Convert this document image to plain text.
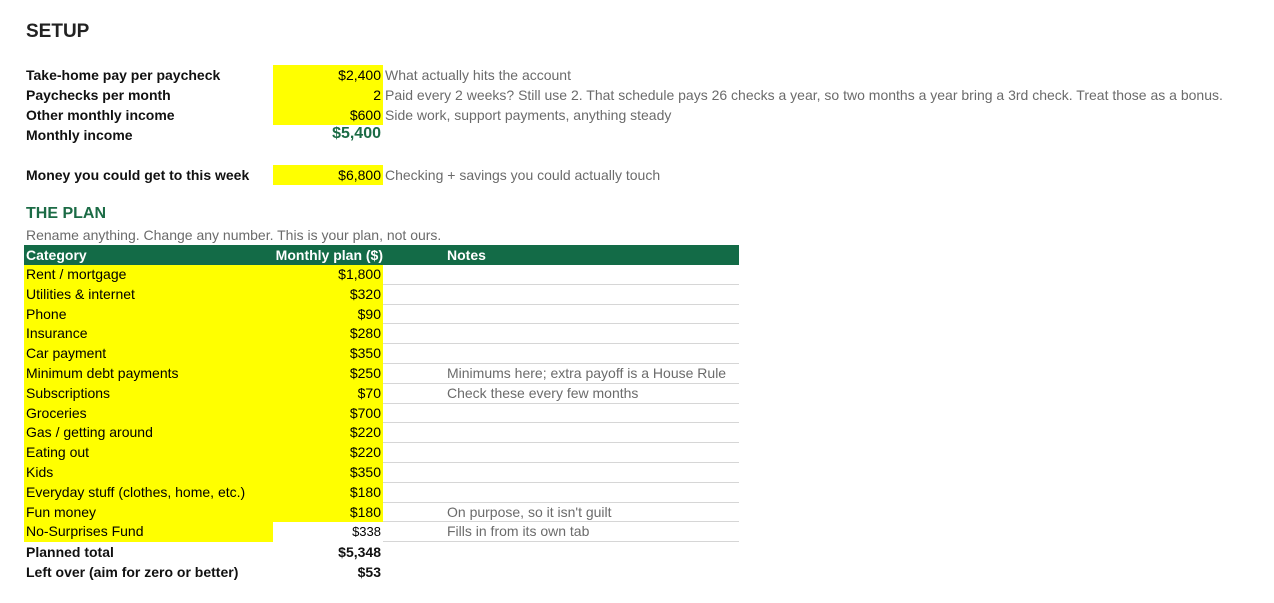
SETUP
Take-home pay per paycheck	$2,400 What actually hits the account
Paychecks per month	2 Paid every 2 weeks? Still use 2. That schedule pays 26 checks a year, so two months a year bring a 3rd check. Treat those as a bonus.
Other monthly income	$600 Side work, support payments, anything steady
Monthly income	$5,400
Money you could get to this week	$6,800 Checking + savings you could actually touch
THE PLAN
Rename anything. Change any number. This is your plan, not ours.
Category	Monthly plan ($)	Notes
Rent / mortgage	$1,800
Utilities & internet	$320
Phone	$90
Insurance	$280
Car payment	$350
Minimum debt payments	$250	Minimums here; extra payoff is a House Rule
Subscriptions	$70	Check these every few months
Groceries	$700
Gas / getting around	$220
Eating out	$220
Kids	$350
Everyday stuff (clothes, home, etc.)	$180
Fun money	$180	On purpose, so it isn't guilt
No-Surprises Fund	$338	Fills in from its own tab
Planned total	$5,348
Left over (aim for zero or better)	$53
